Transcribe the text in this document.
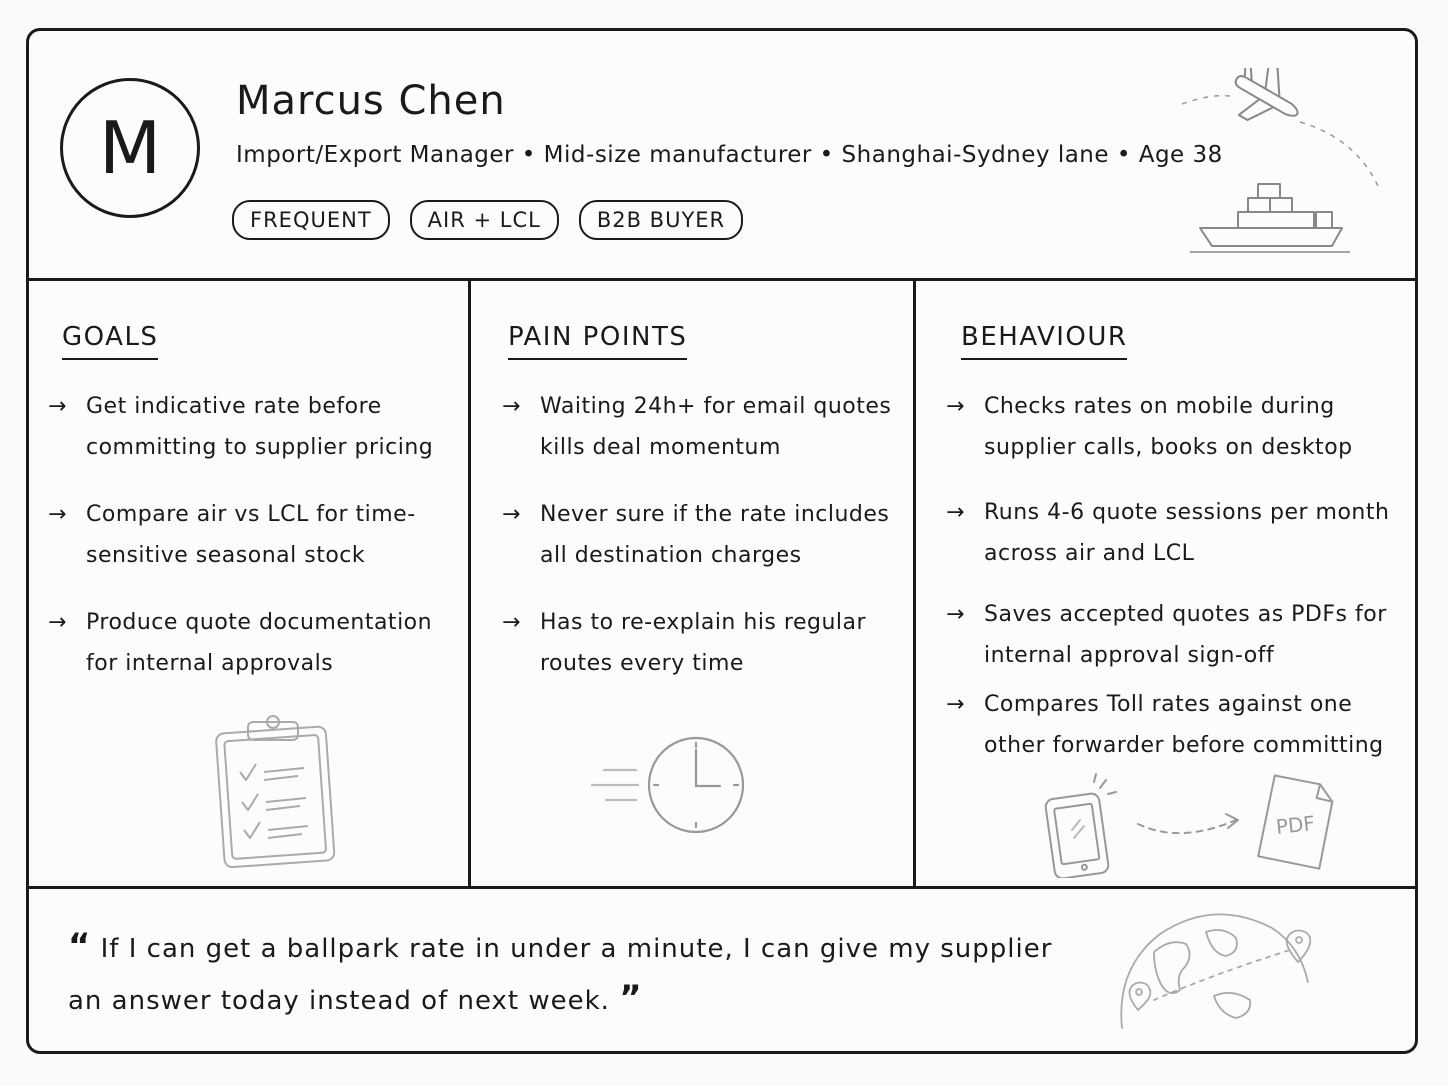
M
Marcus Chen
Import/Export Manager • Mid-size manufacturer • Shanghai-Sydney lane • Age 38
FREQUENT	AIR + LCL	B2B BUYER
GOALS
→ Get indicative rate before committing to supplier pricing
→ Compare air vs LCL for time-sensitive seasonal stock
→ Produce quote documentation for internal approvals
PAIN POINTS
→ Waiting 24h+ for email quotes kills deal momentum
→ Never sure if the rate includes all destination charges
→ Has to re-explain his regular routes every time
BEHAVIOUR
→ Checks rates on mobile during supplier calls, books on desktop
→ Runs 4-6 quote sessions per month across air and LCL
→ Saves accepted quotes as PDFs for internal approval sign-off
→ Compares Toll rates against one other forwarder before committing
PDF
“ If I can get a ballpark rate in under a minute, I can give my supplier an answer today instead of next week. ”
